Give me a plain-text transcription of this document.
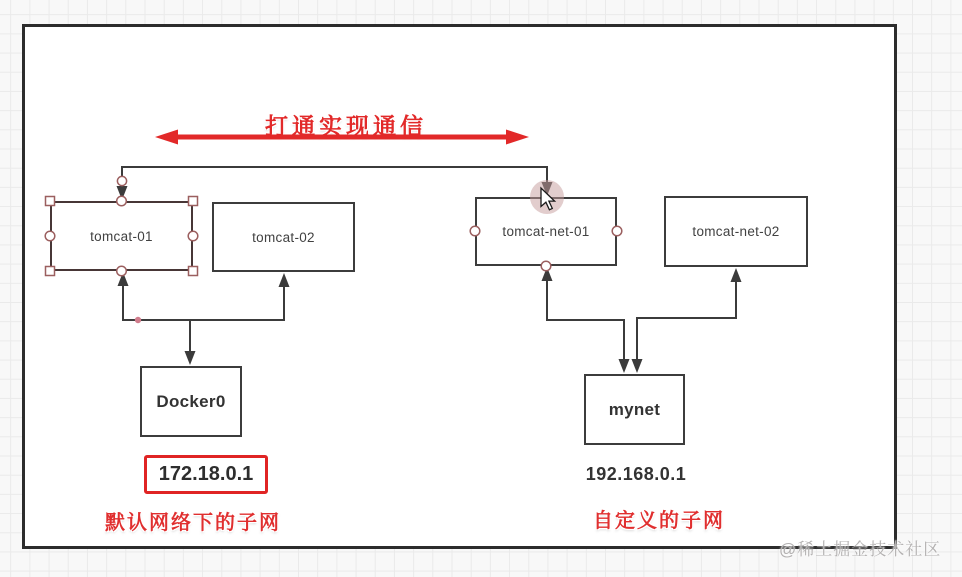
打通实现通信
tomcat-01	tomcat-02	tomcat-net-01	tomcat-net-02
Docker0	mynet
172.18.0.1	192.168.0.1
默认网络下的子网	自定义的子网
@稀土掘金技术社区
